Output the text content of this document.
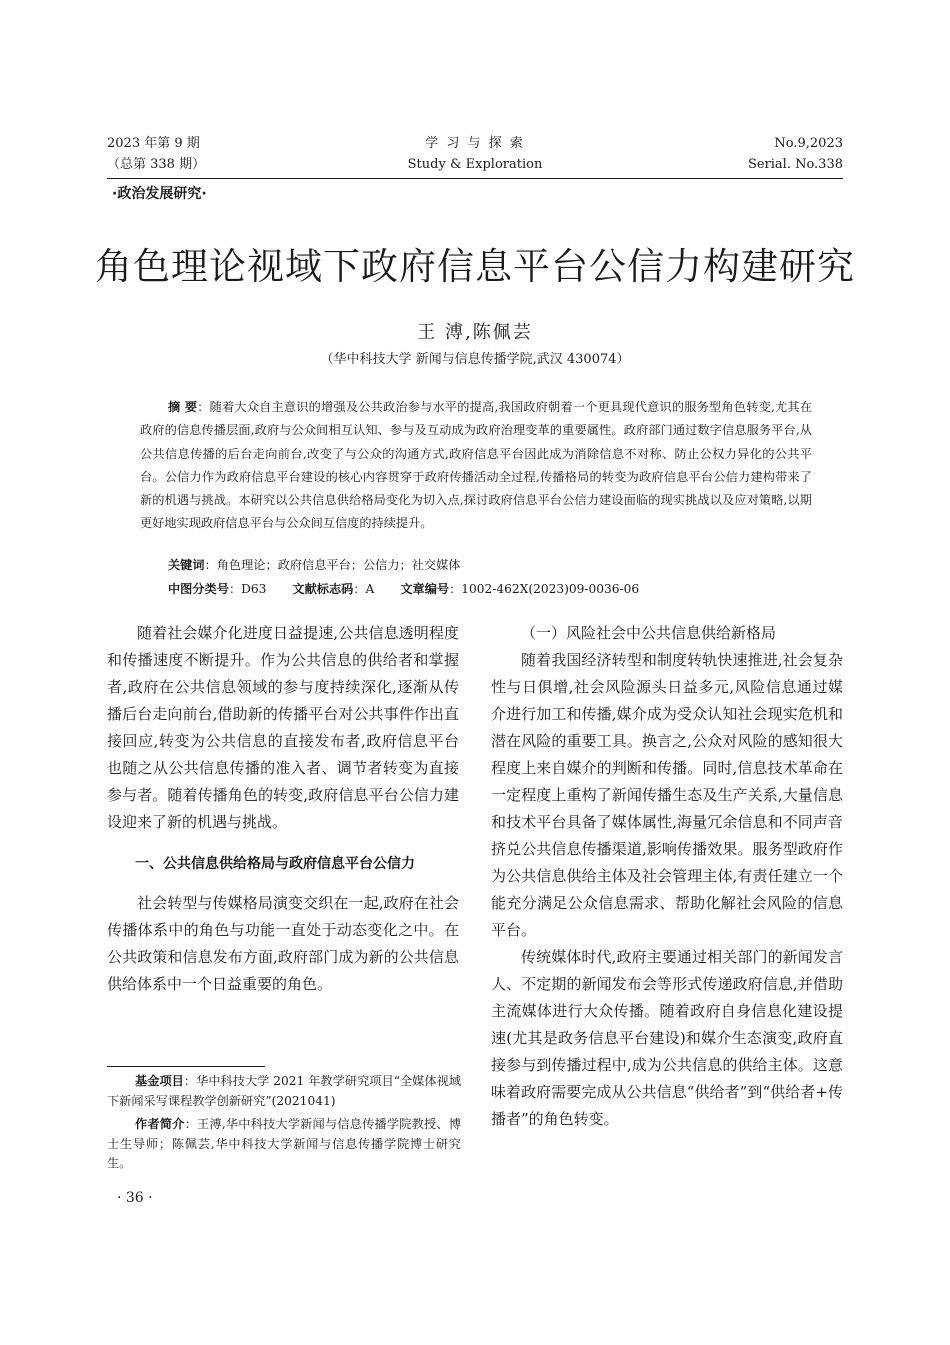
2023 年第 9 期
（总第 338 期）
学 习 与 探 索
Study & Exploration
No.9,2023
Serial. No.338
·政治发展研究·
角色理论视域下政府信息平台公信力构建研究
王 溥,陈佩芸
（华中科技大学 新闻与信息传播学院,武汉 430074）
摘 要：随着大众自主意识的增强及公共政治参与水平的提高,我国政府朝着一个更具现代意识的服务型角色转变,尤其在政府的信息传播层面,政府与公众间相互认知、参与及互动成为政府治理变革的重要属性。政府部门通过数字信息服务平台,从公共信息传播的后台走向前台,改变了与公众的沟通方式,政府信息平台因此成为消除信息不对称、防止公权力异化的公共平台。公信力作为政府信息平台建设的核心内容贯穿于政府传播活动全过程,传播格局的转变为政府信息平台公信力建构带来了新的机遇与挑战。本研究以公共信息供给格局变化为切入点,探讨政府信息平台公信力建设面临的现实挑战以及应对策略,以期更好地实现政府信息平台与公众间互信度的持续提升。
关键词：角色理论；政府信息平台；公信力；社交媒体
中图分类号：D63 文献标志码：A 文章编号：1002-462X(2023)09-0036-06

随着社会媒介化进度日益提速,公共信息透明程度和传播速度不断提升。作为公共信息的供给者和掌握者,政府在公共信息领域的参与度持续深化,逐渐从传播后台走向前台,借助新的传播平台对公共事件作出直接回应,转变为公共信息的直接发布者,政府信息平台也随之从公共信息传播的准入者、调节者转变为直接参与者。随着传播角色的转变,政府信息平台公信力建设迎来了新的机遇与挑战。

一、公共信息供给格局与政府信息平台公信力

社会转型与传媒格局演变交织在一起,政府在社会传播体系中的角色与功能一直处于动态变化之中。在公共政策和信息发布方面,政府部门成为新的公共信息供给体系中一个日益重要的角色。

（一）风险社会中公共信息供给新格局

随着我国经济转型和制度转轨快速推进,社会复杂性与日俱增,社会风险源头日益多元,风险信息通过媒介进行加工和传播,媒介成为受众认知社会现实危机和潜在风险的重要工具。换言之,公众对风险的感知很大程度上来自媒介的判断和传播。同时,信息技术革命在一定程度上重构了新闻传播生态及生产关系,大量信息和技术平台具备了媒体属性,海量冗余信息和不同声音挤兑公共信息传播渠道,影响传播效果。服务型政府作为公共信息供给主体及社会管理主体,有责任建立一个能充分满足公众信息需求、帮助化解社会风险的信息平台。

传统媒体时代,政府主要通过相关部门的新闻发言人、不定期的新闻发布会等形式传递政府信息,并借助主流媒体进行大众传播。随着政府自身信息化建设提速(尤其是政务信息平台建设)和媒介生态演变,政府直接参与到传播过程中,成为公共信息的供给主体。这意味着政府需要完成从公共信息“供给者”到“供给者+传播者”的角色转变。

基金项目：华中科技大学 2021 年教学研究项目“全媒体视域下新闻采写课程教学创新研究”(2021041)

作者简介：王溥,华中科技大学新闻与信息传播学院教授、博士生导师；陈佩芸,华中科技大学新闻与信息传播学院博士研究生。

· 36 ·
